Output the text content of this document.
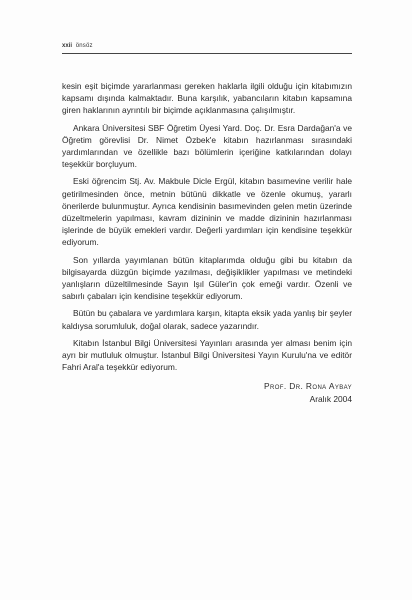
xxii önsöz

kesin eşit biçimde yararlanması gereken haklarla ilgili olduğu için kitabımızın kapsamı dışında kalmaktadır. Buna karşılık, yabancıların kitabın kapsamına giren haklarının ayrıntılı bir biçimde açıklanmasına çalışılmıştır.

Ankara Üniversitesi SBF Öğretim Üyesi Yard. Doç. Dr. Esra Dardağan'a ve Öğretim görevlisi Dr. Nimet Özbek'e kitabın hazırlanması sırasındaki yardımlarından ve özellikle bazı bölümlerin içeriğine katkılarından dolayı teşekkür borçluyum.

Eski öğrencim Stj. Av. Makbule Dicle Ergül, kitabın basımevine verilir hale getirilmesinden önce, metnin bütünü dikkatle ve özenle okumuş, yararlı önerilerde bulunmuştur. Ayrıca kendisinin basımevinden gelen metin üzerinde düzeltmelerin yapılması, kavram dizininin ve madde dizininin hazırlanması işlerinde de büyük emekleri vardır. Değerli yardımları için kendisine teşekkür ediyorum.

Son yıllarda yayımlanan bütün kitaplarımda olduğu gibi bu kitabın da bilgisayarda düzgün biçimde yazılması, değişiklikler yapılması ve metindeki yanlışların düzeltilmesinde Sayın Işıl Güler'in çok emeği vardır. Özenli ve sabırlı çabaları için kendisine teşekkür ediyorum.

Bütün bu çabalara ve yardımlara karşın, kitapta eksik yada yanlış bir şeyler kaldıysa sorumluluk, doğal olarak, sadece yazarındır.

Kitabın İstanbul Bilgi Üniversitesi Yayınları arasında yer alması benim için ayrı bir mutluluk olmuştur. İstanbul Bilgi Üniversitesi Yayın Kurulu'na ve editör Fahri Aral'a teşekkür ediyorum.

Prof. Dr. Rona Aybay
Aralık 2004
